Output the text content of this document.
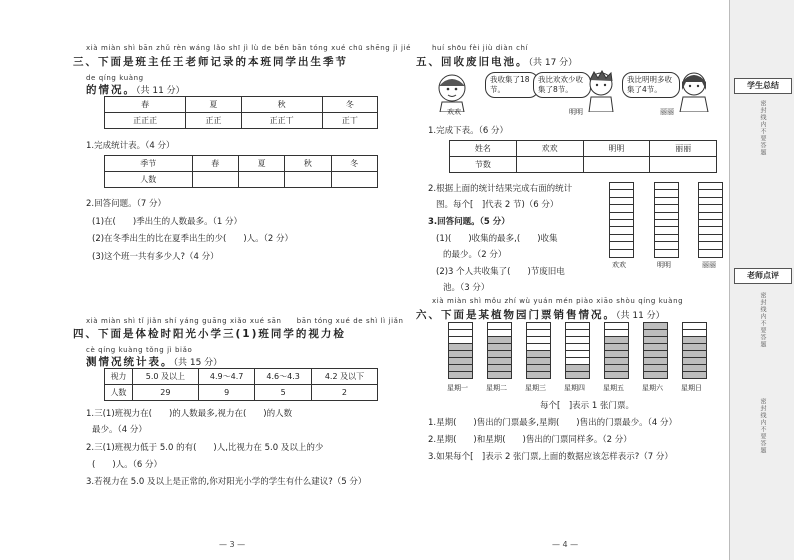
xià miàn shì bān zhǔ rèn wáng lǎo shī jì lù de běn bān tóng xué chū shēng jì jié
三、下面是班主任王老师记录的本班同学出生季节
de qíng kuàng
的情况。（共 11 分）
春	夏	秋	冬
正正正	正正	正正丅	正丅
1.完成统计表。（4 分）
季节	春	夏	秋	冬
人数				
2.回答问题。（7 分）
(1)在(　　)季出生的人数最多。（1 分）
(2)在冬季出生的比在夏季出生的少(　　)人。（2 分）
(3)这个班一共有多少人?（4 分）
xià miàn shì tǐ jiǎn shí yáng guāng xiǎo xué sān　　bān tóng xué de shì lì jiǎn
四、下面是体检时阳光小学三(1)班同学的视力检
cè qíng kuàng tǒng jì biǎo
测情况统计表。（共 15 分）
视力	5.0 及以上	4.9～4.7	4.6～4.3	4.2 及以下
人数	29	9	5	2
1.三(1)班视力在(　　)的人数最多,视力在(　　)的人数
最少。（4 分）
2.三(1)班视力低于 5.0 的有(　　)人,比视力在 5.0 及以上的少
(　　)人。（6 分）
3.若视力在 5.0 及以上是正常的,你对阳光小学的学生有什么建议?（5 分）
— 3 —
huí shōu fèi jiù diàn chí
五、回收废旧电池。（共 17 分）
我收集了18节。
我比欢欢少收集了8节。
我比明明多收集了4节。
欢欢	明明	丽丽
1.完成下表。（6 分）
姓名	欢欢	明明	丽丽
节数			
2.根据上面的统计结果完成右面的统计
图。每个[　]代表 2 节)（6 分）
3.回答问题。（5 分）
(1)(　　)收集的最多,(　　)收集
的最少。（2 分）
(2)3 个人共收集了(　　)节废旧电
池。（3 分）
欢欢	明明	丽丽
xià miàn shì mǒu zhí wù yuán mén piào xiāo shòu qíng kuàng
六、下面是某植物园门票销售情况。（共 11 分）
星期一	星期二	星期三	星期四	星期五	星期六	星期日
每个[　]表示 1 张门票。
1.星期(　　)售出的门票最多,星期(　　)售出的门票最少。（4 分）
2.星期(　　)和星期(　　)售出的门票同样多。（2 分）
3.如果每个[　]表示 2 张门票,上面的数据应该怎样表示?（7 分）
— 4 —
学生总结
密封线内不要答题
老师点评
密封线内不要答题
密封线内不要答题
